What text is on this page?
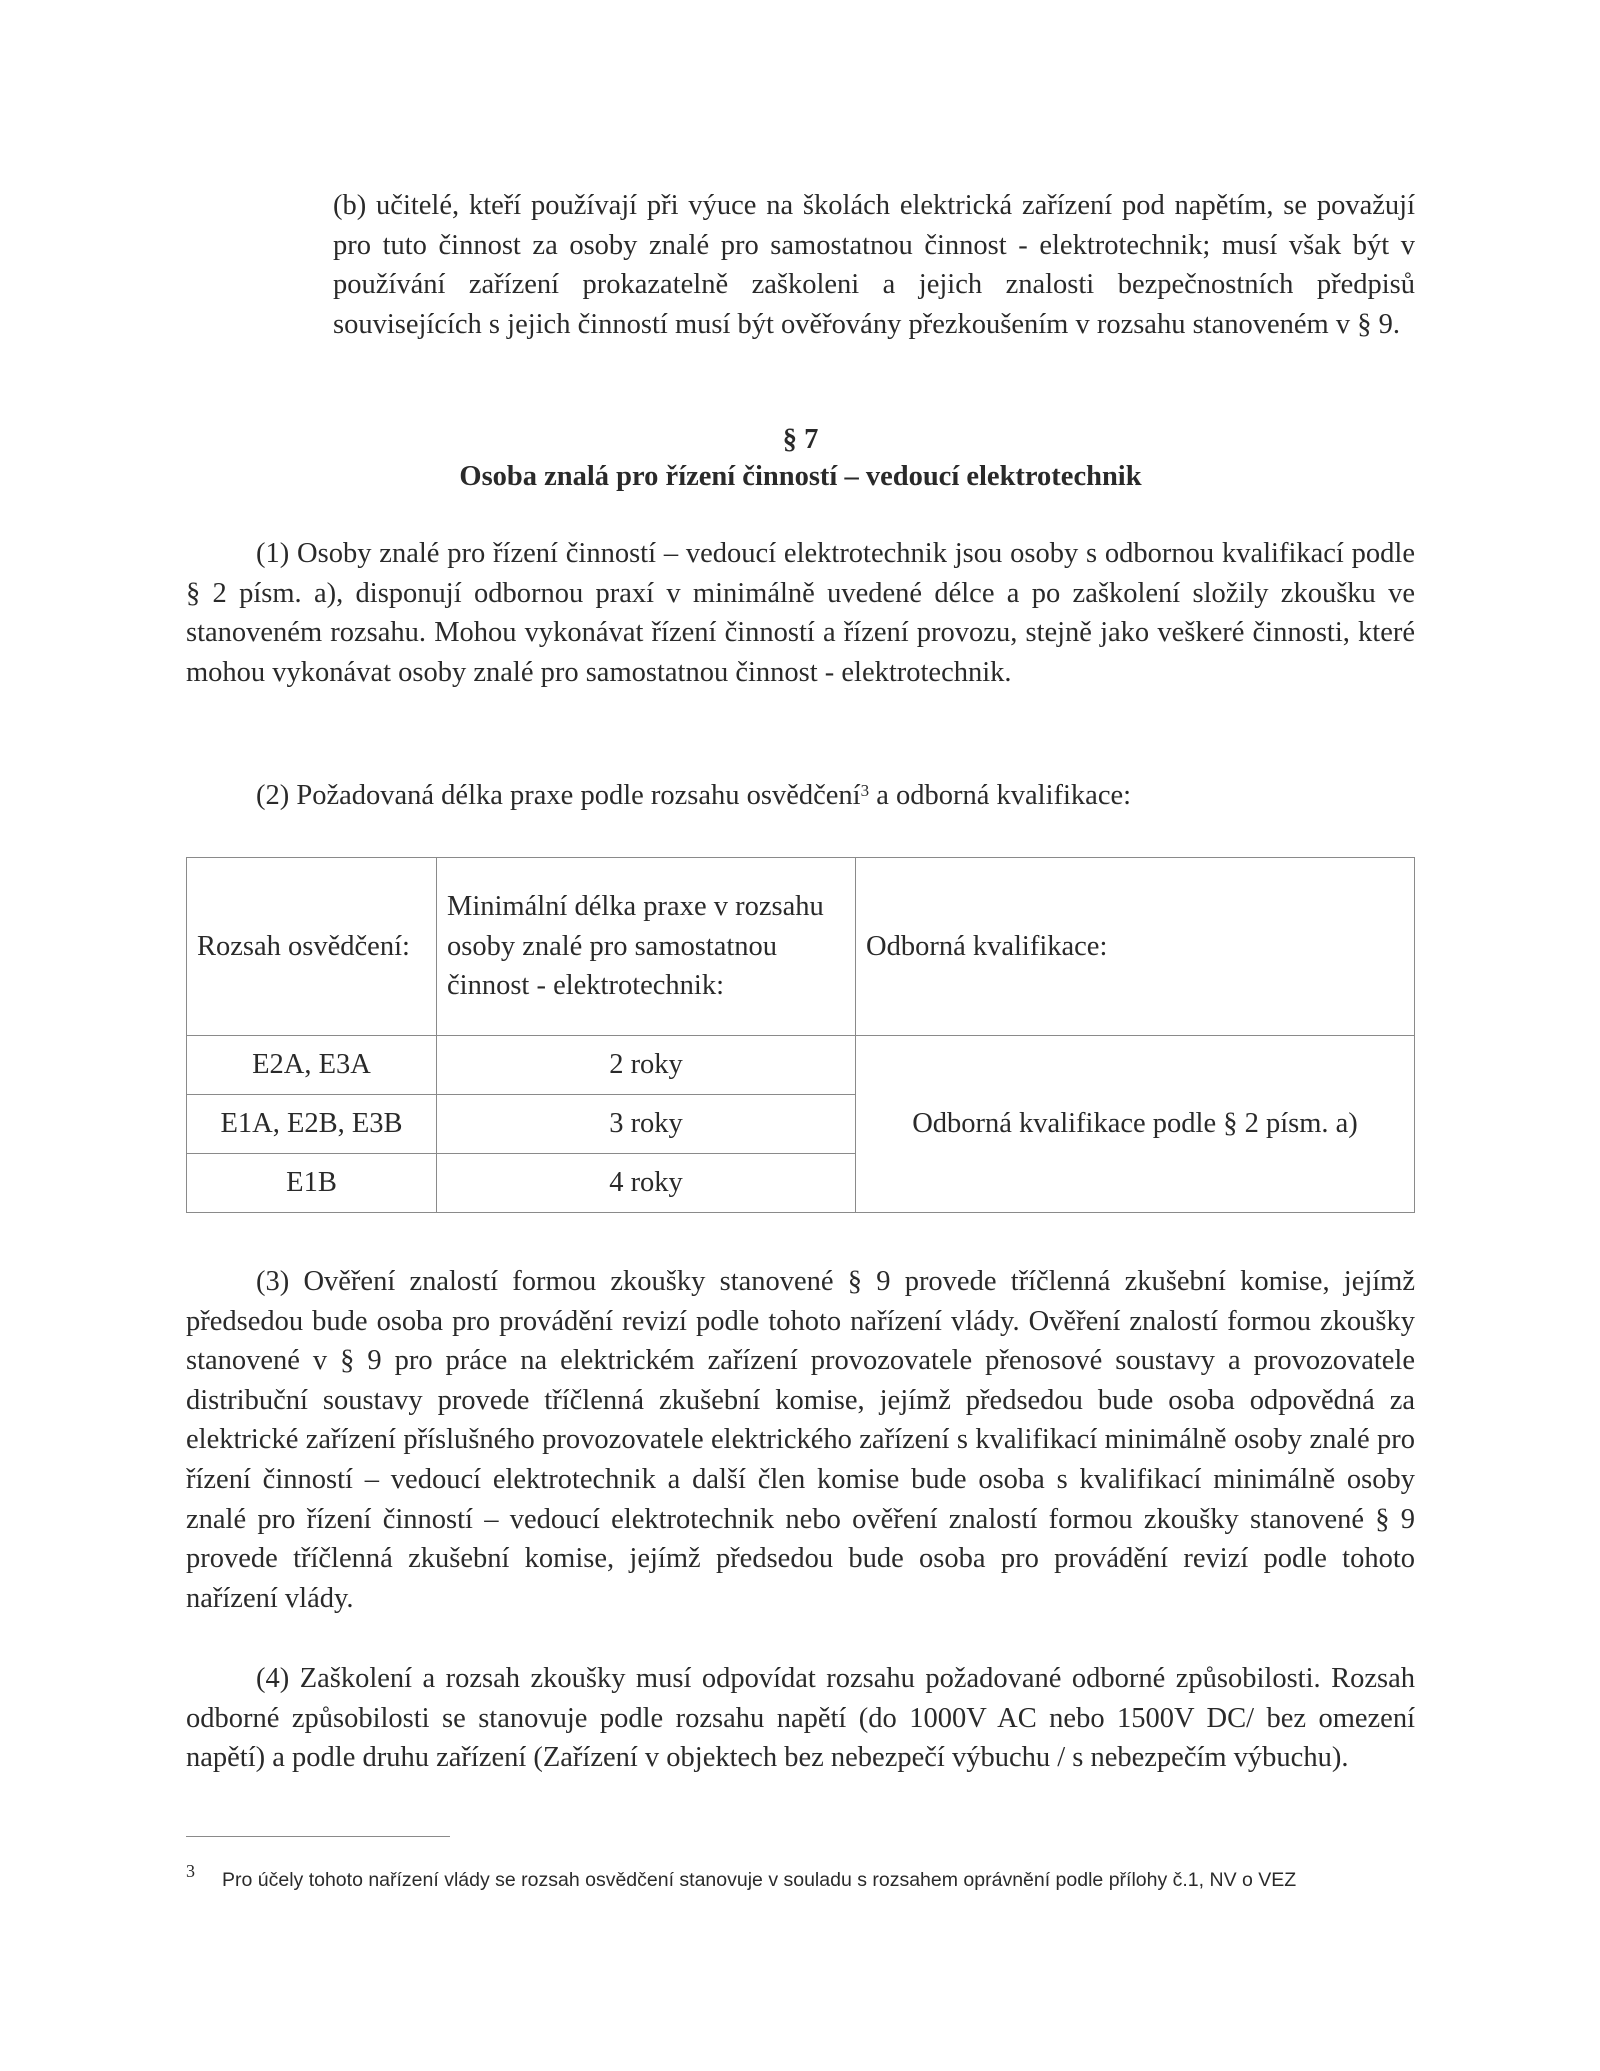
(b) učitelé, kteří používají při výuce na školách elektrická zařízení pod napětím, se považují pro tuto činnost za osoby znalé pro samostatnou činnost - elektrotechnik; musí však být v používání zařízení prokazatelně zaškoleni a jejich znalosti bezpečnostních předpisů souvisejících s jejich činností musí být ověřovány přezkoušením v rozsahu stanoveném v § 9.

§ 7

Osoba znalá pro řízení činností – vedoucí elektrotechnik

(1) Osoby znalé pro řízení činností – vedoucí elektrotechnik jsou osoby s odbornou kvalifikací podle § 2 písm. a), disponují odbornou praxí v minimálně uvedené délce a po zaškolení složily zkoušku ve stanoveném rozsahu. Mohou vykonávat řízení činností a řízení provozu, stejně jako veškeré činnosti, které mohou vykonávat osoby znalé pro samostatnou činnost - elektrotechnik.

(2) Požadovaná délka praxe podle rozsahu osvědčení$^3$ a odborná kvalifikace:

Rozsah osvědčení:	Minimální délka praxe v rozsahu osoby znalé pro samostatnou činnost - elektrotechnik:	Odborná kvalifikace:
E2A, E3A	2 roky	Odborná kvalifikace podle § 2 písm. a)
E1A, E2B, E3B	3 roky	
E1B	4 roky	

(3) Ověření znalostí formou zkoušky stanovené § 9 provede tříčlenná zkušební komise, jejímž předsedou bude osoba pro provádění revizí podle tohoto nařízení vlády. Ověření znalostí formou zkoušky stanovené v § 9 pro práce na elektrickém zařízení provozovatele přenosové soustavy a provozovatele distribuční soustavy provede tříčlenná zkušební komise, jejímž předsedou bude osoba odpovědná za elektrické zařízení příslušného provozovatele elektrického zařízení s kvalifikací minimálně osoby znalé pro řízení činností – vedoucí elektrotechnik a další člen komise bude osoba s kvalifikací minimálně osoby znalé pro řízení činností – vedoucí elektrotechnik nebo ověření znalostí formou zkoušky stanovené § 9 provede tříčlenná zkušební komise, jejímž předsedou bude osoba pro provádění revizí podle tohoto nařízení vlády.

(4) Zaškolení a rozsah zkoušky musí odpovídat rozsahu požadované odborné způsobilosti. Rozsah odborné způsobilosti se stanovuje podle rozsahu napětí (do 1000V AC nebo 1500V DC/ bez omezení napětí) a podle druhu zařízení (Zařízení v objektech bez nebezpečí výbuchu / s nebezpečím výbuchu).

3 Pro účely tohoto nařízení vlády se rozsah osvědčení stanovuje v souladu s rozsahem oprávnění podle přílohy č.1, NV o VEZ
